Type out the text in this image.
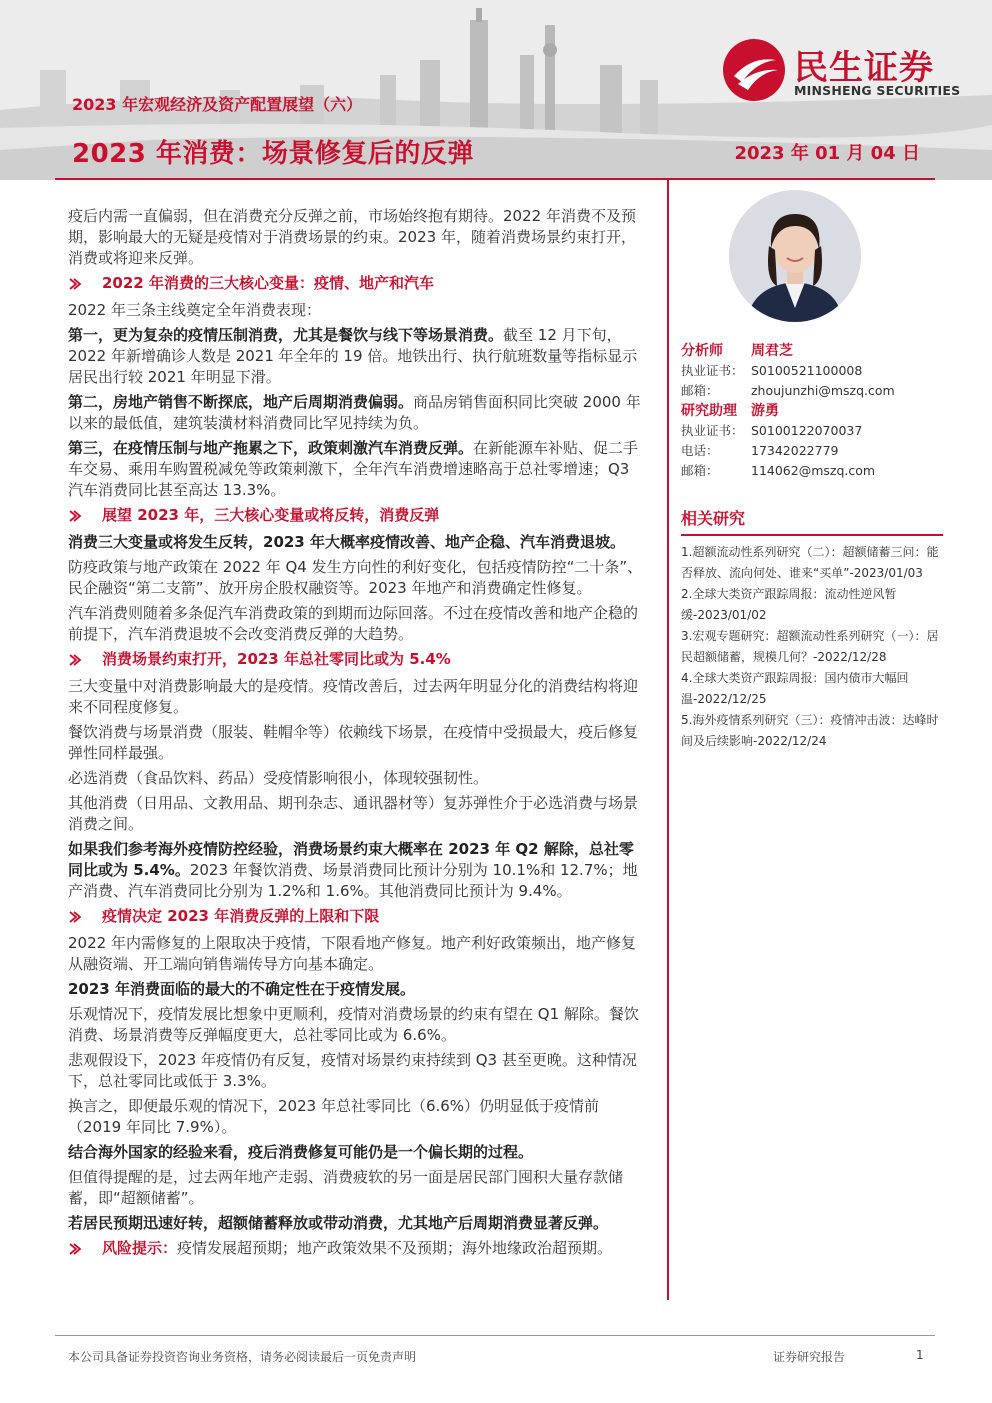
2023 年宏观经济及资产配置展望（六）
2023 年消费：场景修复后的反弹	2023 年 01 月 04 日
民生证券
MINSHENG SECURITIES

疫后内需一直偏弱，但在消费充分反弹之前，市场始终抱有期待。2022 年消费不及预期，影响最大的无疑是疫情对于消费场景的约束。2023 年，随着消费场景约束打开，消费或将迎来反弹。

2022 年消费的三大核心变量：疫情、地产和汽车

2022 年三条主线奠定全年消费表现：

第一，更为复杂的疫情压制消费，尤其是餐饮与线下等场景消费。截至 12 月下旬，2022 年新增确诊人数是 2021 年全年的 19 倍。地铁出行、执行航班数量等指标显示居民出行较 2021 年明显下滑。

第二，房地产销售不断探底，地产后周期消费偏弱。商品房销售面积同比突破 2000 年以来的最低值，建筑装潢材料消费同比罕见持续为负。

第三，在疫情压制与地产拖累之下，政策刺激汽车消费反弹。在新能源车补贴、促二手车交易、乘用车购置税减免等政策刺激下，全年汽车消费增速略高于总社零增速；Q3 汽车消费同比甚至高达 13.3%。

展望 2023 年，三大核心变量或将反转，消费反弹

消费三大变量或将发生反转，2023 年大概率疫情改善、地产企稳、汽车消费退坡。

防疫政策与地产政策在 2022 年 Q4 发生方向性的利好变化，包括疫情防控“二十条”、民企融资“第二支箭”、放开房企股权融资等。2023 年地产和消费确定性修复。

汽车消费则随着多条促汽车消费政策的到期而边际回落。不过在疫情改善和地产企稳的前提下，汽车消费退坡不会改变消费反弹的大趋势。

消费场景约束打开，2023 年总社零同比或为 5.4%

三大变量中对消费影响最大的是疫情。疫情改善后，过去两年明显分化的消费结构将迎来不同程度修复。

餐饮消费与场景消费（服装、鞋帽伞等）依赖线下场景，在疫情中受损最大，疫后修复弹性同样最强。

必选消费（食品饮料、药品）受疫情影响很小，体现较强韧性。

其他消费（日用品、文教用品、期刊杂志、通讯器材等）复苏弹性介于必选消费与场景消费之间。

如果我们参考海外疫情防控经验，消费场景约束大概率在 2023 年 Q2 解除，总社零同比或为 5.4%。2023 年餐饮消费、场景消费同比预计分别为 10.1%和 12.7%；地产消费、汽车消费同比分别为 1.2%和 1.6%。其他消费同比预计为 9.4%。

疫情决定 2023 年消费反弹的上限和下限

2022 年内需修复的上限取决于疫情，下限看地产修复。地产利好政策频出，地产修复从融资端、开工端向销售端传导方向基本确定。

2023 年消费面临的最大的不确定性在于疫情发展。

乐观情况下，疫情发展比想象中更顺利，疫情对消费场景的约束有望在 Q1 解除。餐饮消费、场景消费等反弹幅度更大，总社零同比或为 6.6%。

悲观假设下，2023 年疫情仍有反复，疫情对场景约束持续到 Q3 甚至更晚。这种情况下，总社零同比或低于 3.3%。

换言之，即便最乐观的情况下，2023 年总社零同比（6.6%）仍明显低于疫情前（2019 年同比 7.9%）。

结合海外国家的经验来看，疫后消费修复可能仍是一个偏长期的过程。

但值得提醒的是，过去两年地产走弱、消费疲软的另一面是居民部门囤积大量存款储蓄，即“超额储蓄”。

若居民预期迅速好转，超额储蓄释放或带动消费，尤其地产后周期消费显著反弹。

风险提示： 疫情发展超预期；地产政策效果不及预期；海外地缘政治超预期。
分析师	周君芝
执业证书： S0100521100008
邮箱：	zhoujunzhi@mszq.com
研究助理	游勇
执业证书： S0100122070037
电话：	17342022779
邮箱：	114062@mszq.com
相关研究
1.超额流动性系列研究（二）：超额储蓄三问：能否释放、流向何处、谁来“买单”-2023/01/03
2.全球大类资产跟踪周报：流动性逆风暂缓-2023/01/02
3.宏观专题研究：超额流动性系列研究（一）：居民超额储蓄，规模几何？-2022/12/28
4.全球大类资产跟踪周报：国内债市大幅回温-2022/12/25
5.海外疫情系列研究（三）：疫情冲击波：达峰时间及后续影响-2022/12/24
本公司具备证券投资咨询业务资格，请务必阅读最后一页免责声明	证券研究报告	1
